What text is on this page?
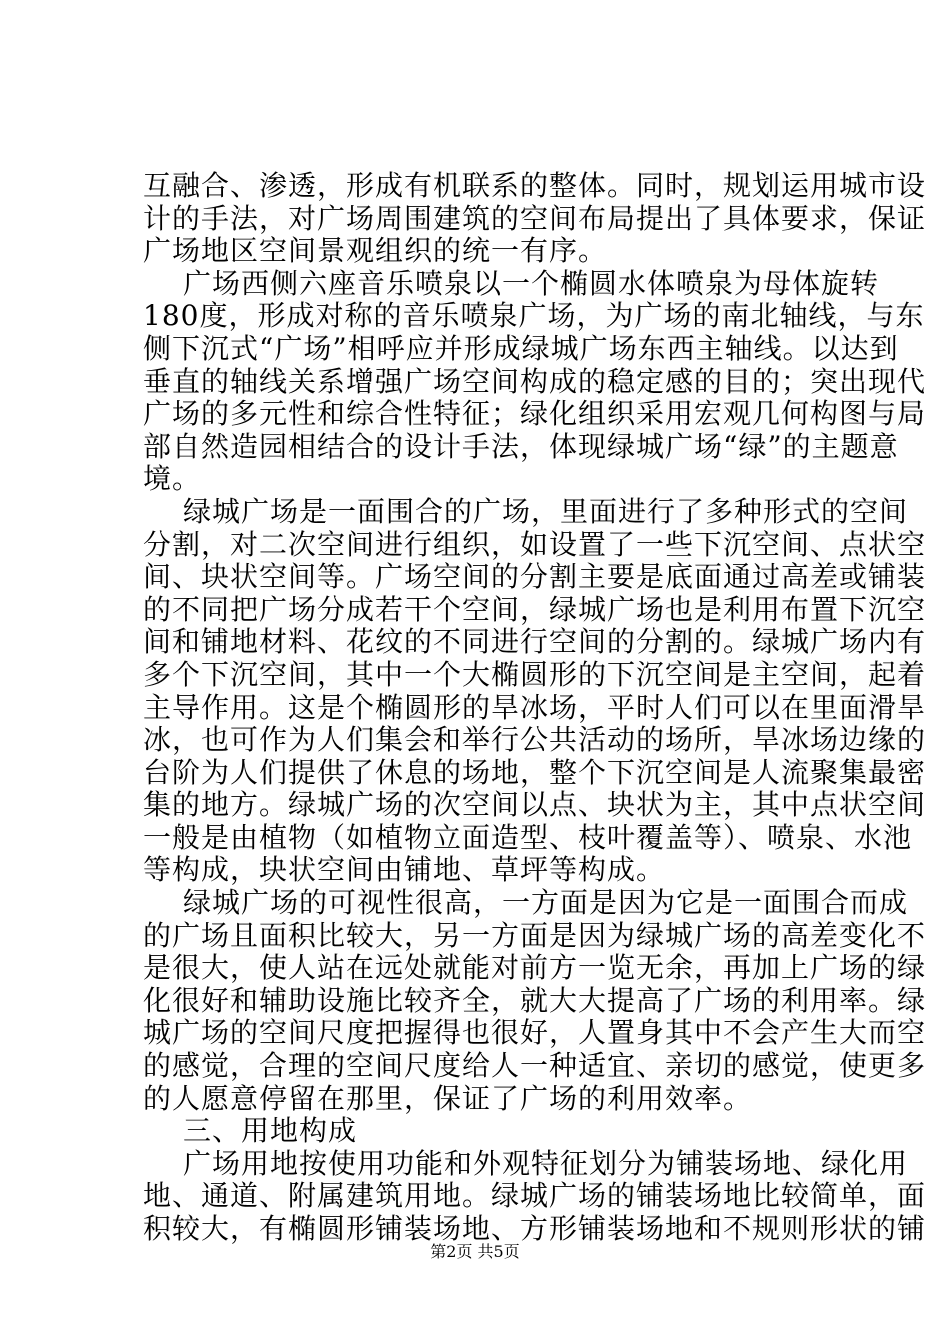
互融合、渗透，形成有机联系的整体。同时，规划运用城市设
计的手法，对广场周围建筑的空间布局提出了具体要求，保证
广场地区空间景观组织的统一有序。
广场西侧六座音乐喷泉以一个椭圆水体喷泉为母体旋转
180度，形成对称的音乐喷泉广场，为广场的南北轴线，与东
侧下沉式“广场”相呼应并形成绿城广场东西主轴线。以达到
垂直的轴线关系增强广场空间构成的稳定感的目的；突出现代
广场的多元性和综合性特征；绿化组织采用宏观几何构图与局
部自然造园相结合的设计手法，体现绿城广场“绿”的主题意
境。
绿城广场是一面围合的广场，里面进行了多种形式的空间
分割，对二次空间进行组织，如设置了一些下沉空间、点状空
间、块状空间等。广场空间的分割主要是底面通过高差或铺装
的不同把广场分成若干个空间，绿城广场也是利用布置下沉空
间和铺地材料、花纹的不同进行空间的分割的。绿城广场内有
多个下沉空间，其中一个大椭圆形的下沉空间是主空间，起着
主导作用。这是个椭圆形的旱冰场，平时人们可以在里面滑旱
冰，也可作为人们集会和举行公共活动的场所，旱冰场边缘的
台阶为人们提供了休息的场地，整个下沉空间是人流聚集最密
集的地方。绿城广场的次空间以点、块状为主，其中点状空间
一般是由植物（如植物立面造型、枝叶覆盖等）、喷泉、水池
等构成，块状空间由铺地、草坪等构成。
绿城广场的可视性很高，一方面是因为它是一面围合而成
的广场且面积比较大，另一方面是因为绿城广场的高差变化不
是很大，使人站在远处就能对前方一览无余，再加上广场的绿
化很好和辅助设施比较齐全，就大大提高了广场的利用率。绿
城广场的空间尺度把握得也很好，人置身其中不会产生大而空
的感觉，合理的空间尺度给人一种适宜、亲切的感觉，使更多
的人愿意停留在那里，保证了广场的利用效率。
三、用地构成
广场用地按使用功能和外观特征划分为铺装场地、绿化用
地、通道、附属建筑用地。绿城广场的铺装场地比较简单，面
积较大，有椭圆形铺装场地、方形铺装场地和不规则形状的铺
第2页 共5页
